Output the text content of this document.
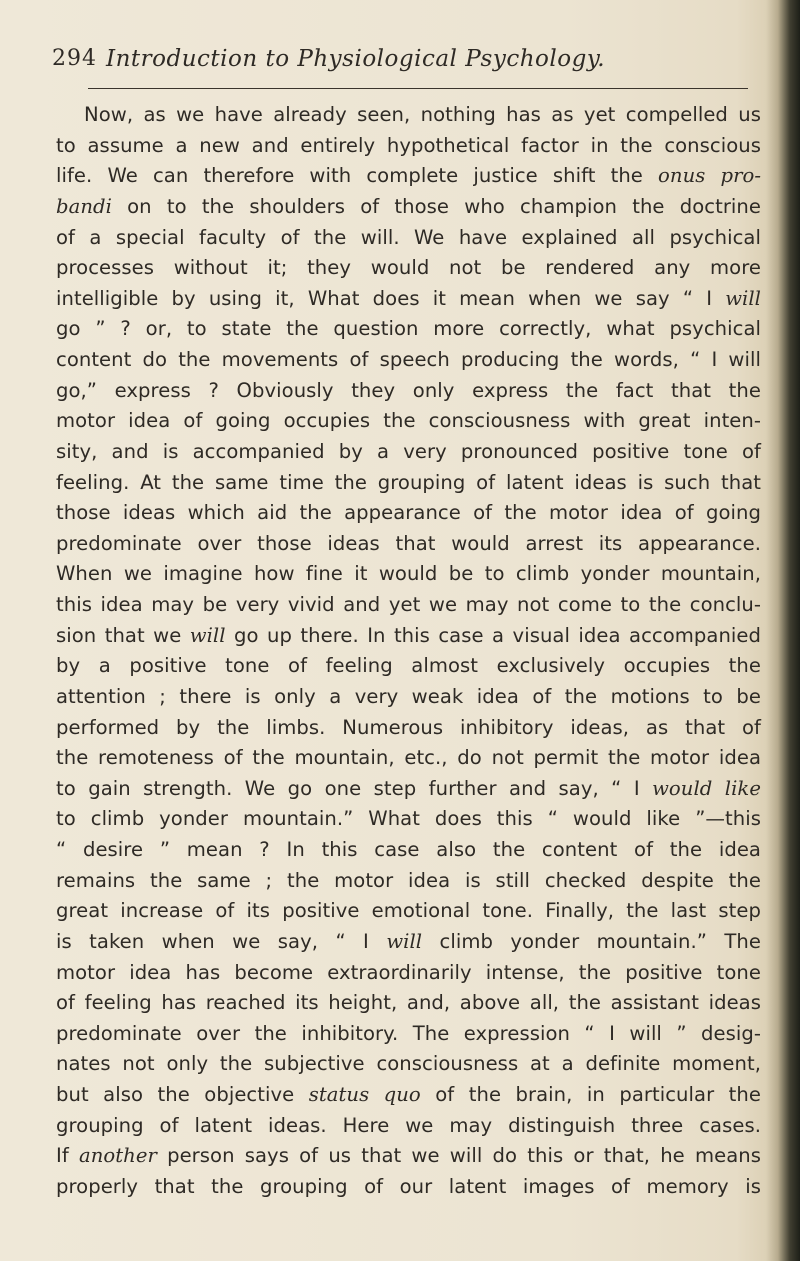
294 Introduction to Physiological Psychology.
Now, as we have already seen, nothing has as yet compelled us
to assume a new and entirely hypothetical factor in the conscious
life. We can therefore with complete justice shift the onus pro-
bandi on to the shoulders of those who champion the doctrine
of a special faculty of the will. We have explained all psychical
processes without it; they would not be rendered any more
intelligible by using it, What does it mean when we say “ I will
go ” ? or, to state the question more correctly, what psychical
content do the movements of speech producing the words, “ I will
go,” express ? Obviously they only express the fact that the
motor idea of going occupies the consciousness with great inten-
sity, and is accompanied by a very pronounced positive tone of
feeling. At the same time the grouping of latent ideas is such that
those ideas which aid the appearance of the motor idea of going
predominate over those ideas that would arrest its appearance.
When we imagine how fine it would be to climb yonder mountain,
this idea may be very vivid and yet we may not come to the conclu-
sion that we will go up there. In this case a visual idea accompanied
by a positive tone of feeling almost exclusively occupies the
attention ; there is only a very weak idea of the motions to be
performed by the limbs. Numerous inhibitory ideas, as that of
the remoteness of the mountain, etc., do not permit the motor idea
to gain strength. We go one step further and say, “ I would like
to climb yonder mountain.” What does this “ would like ”—this
“ desire ” mean ? In this case also the content of the idea
remains the same ; the motor idea is still checked despite the
great increase of its positive emotional tone. Finally, the last step
is taken when we say, “ I will climb yonder mountain.” The
motor idea has become extraordinarily intense, the positive tone
of feeling has reached its height, and, above all, the assistant ideas
predominate over the inhibitory. The expression “ I will ” desig-
nates not only the subjective consciousness at a definite moment,
but also the objective status quo of the brain, in particular the
grouping of latent ideas. Here we may distinguish three cases.
If another person says of us that we will do this or that, he means
properly that the grouping of our latent images of memory is
